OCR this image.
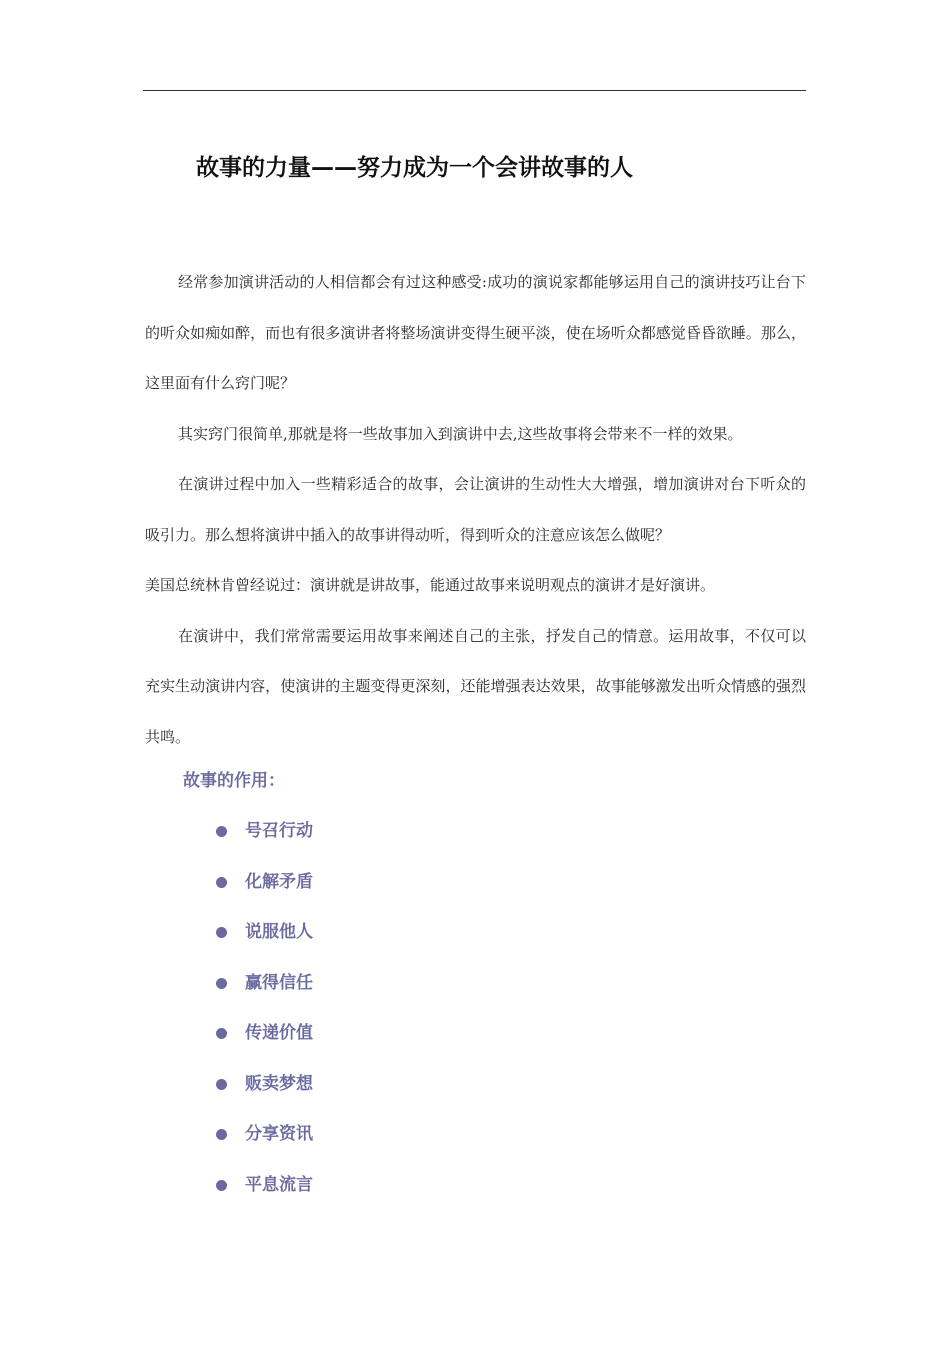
故事的力量——努力成为一个会讲故事的人

经常参加演讲活动的人相信都会有过这种感受:成功的演说家都能够运用自己的演讲技巧让台下的听众如痴如醉，而也有很多演讲者将整场演讲变得生硬平淡，使在场听众都感觉昏昏欲睡。那么，这里面有什么窍门呢？

其实窍门很简单,那就是将一些故事加入到演讲中去,这些故事将会带来不一样的效果。

在演讲过程中加入一些精彩适合的故事，会让演讲的生动性大大增强，增加演讲对台下听众的吸引力。那么想将演讲中插入的故事讲得动听，得到听众的注意应该怎么做呢？

美国总统林肯曾经说过：演讲就是讲故事，能通过故事来说明观点的演讲才是好演讲。

在演讲中，我们常常需要运用故事来阐述自己的主张，抒发自己的情意。运用故事，不仅可以充实生动演讲内容，使演讲的主题变得更深刻，还能增强表达效果，故事能够激发出听众情感的强烈共鸣。

故事的作用：
号召行动
化解矛盾
说服他人
赢得信任
传递价值
贩卖梦想
分享资讯
平息流言
